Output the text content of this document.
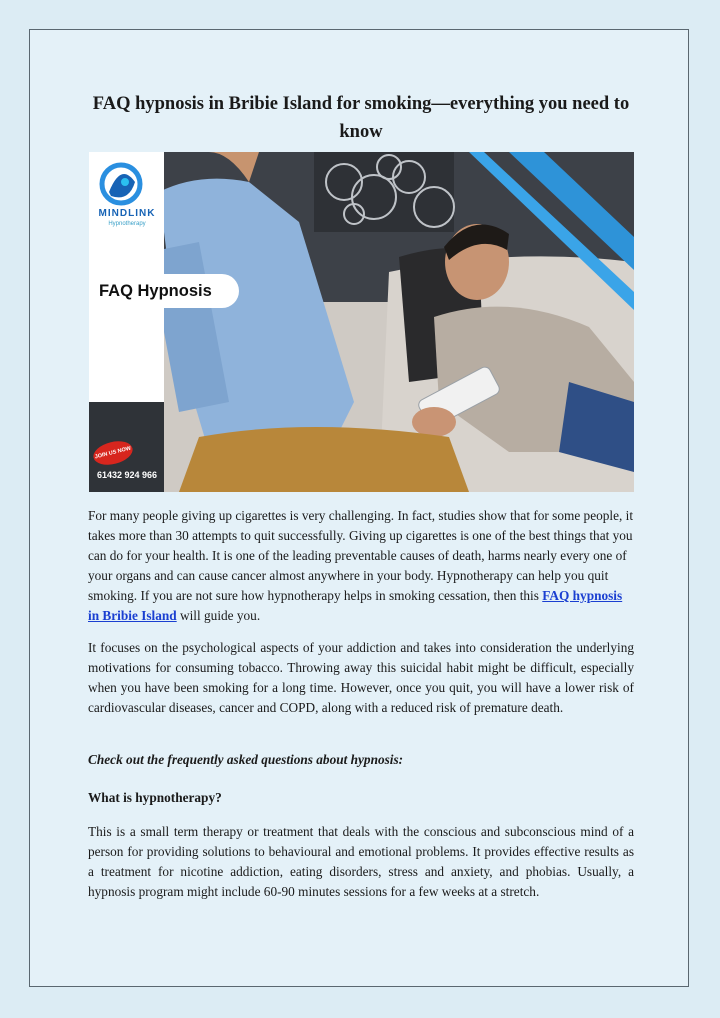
FAQ hypnosis in Bribie Island for smoking—everything you need to know
MINDLINK
Hypnotherapy
FAQ Hypnosis
JOIN US NOW
61432 924 966

For many people giving up cigarettes is very challenging. In fact, studies show that for some people, it takes more than 30 attempts to quit successfully. Giving up cigarettes is one of the best things that you can do for your health. It is one of the leading preventable causes of death, harms nearly every one of your organs and can cause cancer almost anywhere in your body. Hypnotherapy can help you quit smoking. If you are not sure how hypnotherapy helps in smoking cessation, then this FAQ hypnosis in Bribie Island will guide you.

It focuses on the psychological aspects of your addiction and takes into consideration the underlying motivations for consuming tobacco. Throwing away this suicidal habit might be difficult, especially when you have been smoking for a long time. However, once you quit, you will have a lower risk of cardiovascular diseases, cancer and COPD, along with a reduced risk of premature death.

Check out the frequently asked questions about hypnosis:

What is hypnotherapy?

This is a small term therapy or treatment that deals with the conscious and subconscious mind of a person for providing solutions to behavioural and emotional problems. It provides effective results as a treatment for nicotine addiction, eating disorders, stress and anxiety, and phobias. Usually, a hypnosis program might include 60-90 minutes sessions for a few weeks at a stretch.
